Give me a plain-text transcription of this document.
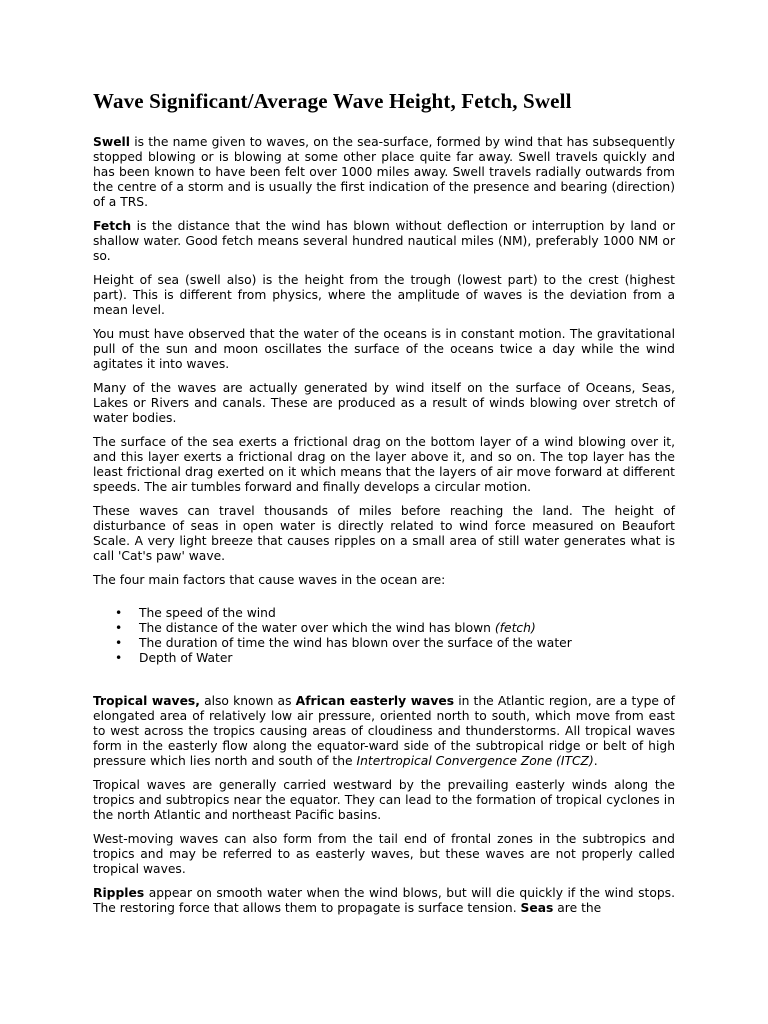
Wave Significant/Average Wave Height, Fetch, Swell

Swell is the name given to waves, on the sea-surface, formed by wind that has subsequently stopped blowing or is blowing at some other place quite far away. Swell travels quickly and has been known to have been felt over 1000 miles away. Swell travels radially outwards from the centre of a storm and is usually the first indication of the presence and bearing (direction) of a TRS.

Fetch is the distance that the wind has blown without deflection or interruption by land or shallow water. Good fetch means several hundred nautical miles (NM), preferably 1000 NM or so.

Height of sea (swell also) is the height from the trough (lowest part) to the crest (highest part). This is different from physics, where the amplitude of waves is the deviation from a mean level.

You must have observed that the water of the oceans is in constant motion. The gravitational pull of the sun and moon oscillates the surface of the oceans twice a day while the wind agitates it into waves.

Many of the waves are actually generated by wind itself on the surface of Oceans, Seas, Lakes or Rivers and canals. These are produced as a result of winds blowing over stretch of water bodies.

The surface of the sea exerts a frictional drag on the bottom layer of a wind blowing over it, and this layer exerts a frictional drag on the layer above it, and so on. The top layer has the least frictional drag exerted on it which means that the layers of air move forward at different speeds. The air tumbles forward and finally develops a circular motion.

These waves can travel thousands of miles before reaching the land. The height of disturbance of seas in open water is directly related to wind force measured on Beaufort Scale. A very light breeze that causes ripples on a small area of still water generates what is call 'Cat's paw' wave.

The four main factors that cause waves in the ocean are:

• The speed of the wind
• The distance of the water over which the wind has blown (fetch)
• The duration of time the wind has blown over the surface of the water
• Depth of Water

Tropical waves, also known as African easterly waves in the Atlantic region, are a type of elongated area of relatively low air pressure, oriented north to south, which move from east to west across the tropics causing areas of cloudiness and thunderstorms. All tropical waves form in the easterly flow along the equator-ward side of the subtropical ridge or belt of high pressure which lies north and south of the Intertropical Convergence Zone (ITCZ).

Tropical waves are generally carried westward by the prevailing easterly winds along the tropics and subtropics near the equator. They can lead to the formation of tropical cyclones in the north Atlantic and northeast Pacific basins.

West-moving waves can also form from the tail end of frontal zones in the subtropics and tropics and may be referred to as easterly waves, but these waves are not properly called tropical waves.

Ripples appear on smooth water when the wind blows, but will die quickly if the wind stops. The restoring force that allows them to propagate is surface tension. Seas are the
